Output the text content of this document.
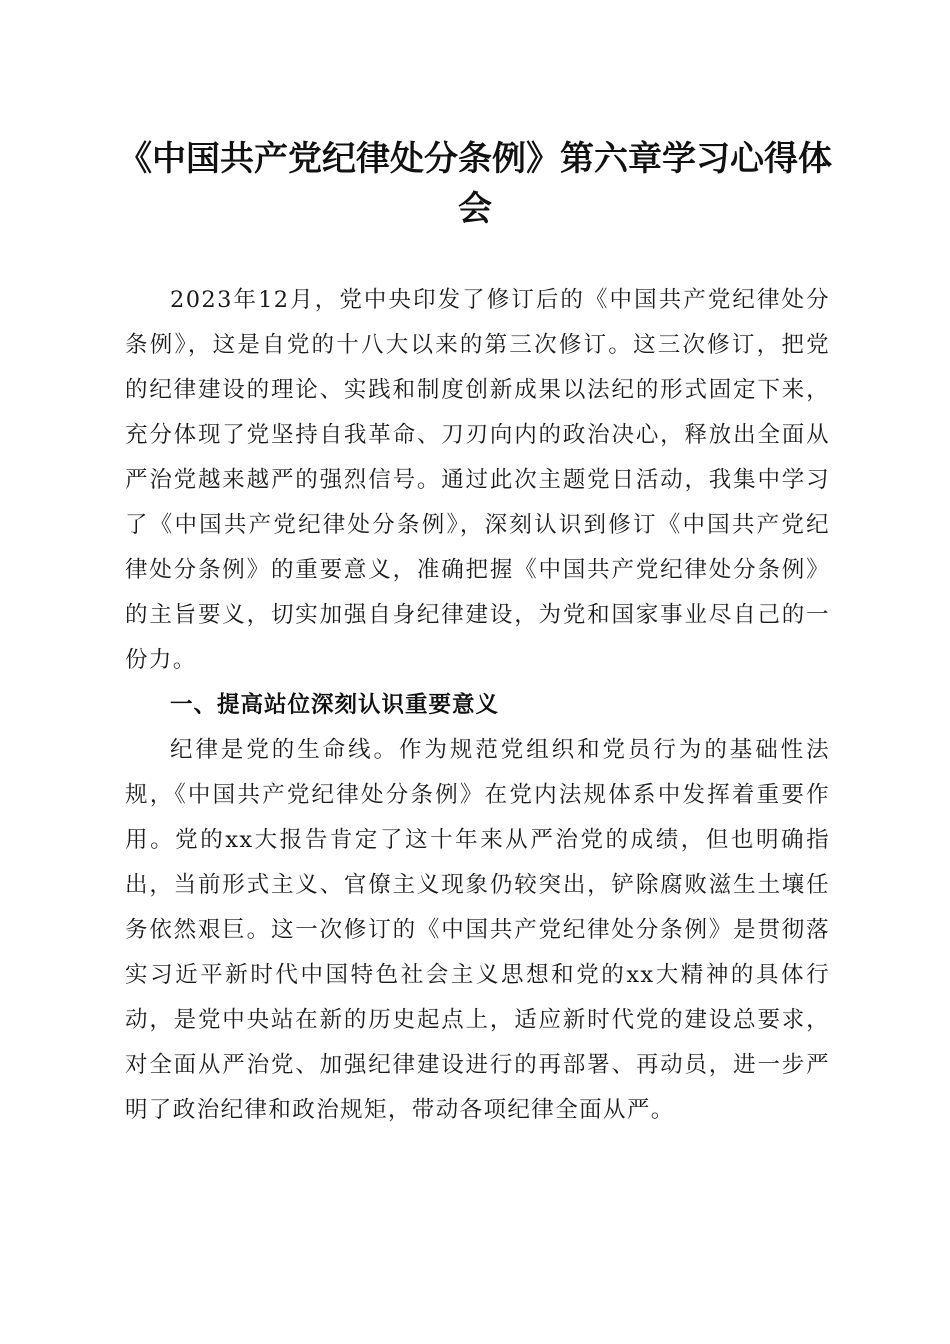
《中国共产党纪律处分条例》第六章学习心得体会

2023年12月，党中央印发了修订后的《中国共产党纪律处分条例》，这是自党的十八大以来的第三次修订。这三次修订，把党的纪律建设的理论、实践和制度创新成果以法纪的形式固定下来，充分体现了党坚持自我革命、刀刃向内的政治决心，释放出全面从严治党越来越严的强烈信号。通过此次主题党日活动，我集中学习了《中国共产党纪律处分条例》，深刻认识到修订《中国共产党纪律处分条例》的重要意义，准确把握《中国共产党纪律处分条例》的主旨要义，切实加强自身纪律建设，为党和国家事业尽自己的一份力。

一、提高站位深刻认识重要意义

纪律是党的生命线。作为规范党组织和党员行为的基础性法规，《中国共产党纪律处分条例》在党内法规体系中发挥着重要作用。党的xx大报告肯定了这十年来从严治党的成绩，但也明确指出，当前形式主义、官僚主义现象仍较突出，铲除腐败滋生土壤任务依然艰巨。这一次修订的《中国共产党纪律处分条例》是贯彻落实习近平新时代中国特色社会主义思想和党的xx大精神的具体行动，是党中央站在新的历史起点上，适应新时代党的建设总要求，对全面从严治党、加强纪律建设进行的再部署、再动员，进一步严明了政治纪律和政治规矩，带动各项纪律全面从严。
